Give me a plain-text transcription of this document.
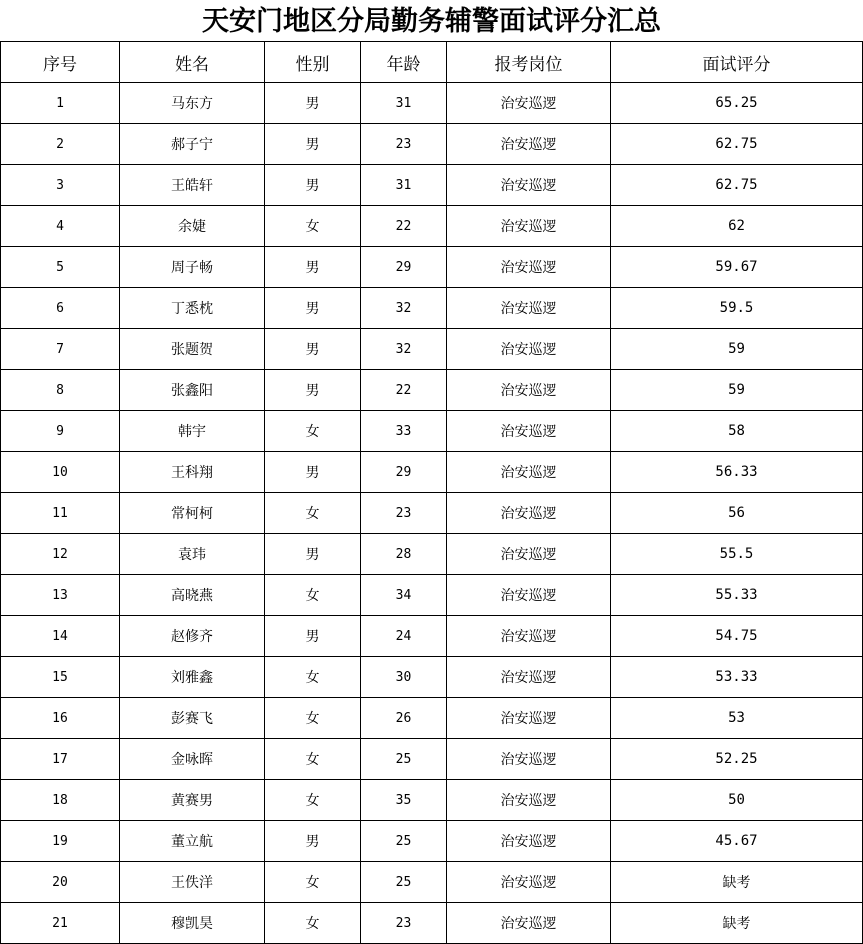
天安门地区分局勤务辅警面试评分汇总
序号	姓名	性别	年龄	报考岗位	面试评分
1	马东方	男	31	治安巡逻	65.25
2	郝子宁	男	23	治安巡逻	62.75
3	王皓轩	男	31	治安巡逻	62.75
4	余婕	女	22	治安巡逻	62
5	周子畅	男	29	治安巡逻	59.67
6	丁悉枕	男	32	治安巡逻	59.5
7	张题贺	男	32	治安巡逻	59
8	张鑫阳	男	22	治安巡逻	59
9	韩宇	女	33	治安巡逻	58
10	王科翔	男	29	治安巡逻	56.33
11	常柯柯	女	23	治安巡逻	56
12	袁玮	男	28	治安巡逻	55.5
13	高晓燕	女	34	治安巡逻	55.33
14	赵修齐	男	24	治安巡逻	54.75
15	刘雅鑫	女	30	治安巡逻	53.33
16	彭赛飞	女	26	治安巡逻	53
17	金咏晖	女	25	治安巡逻	52.25
18	黄赛男	女	35	治安巡逻	50
19	董立航	男	25	治安巡逻	45.67
20	王佚洋	女	25	治安巡逻	缺考
21	穆凯昊	女	23	治安巡逻	缺考
